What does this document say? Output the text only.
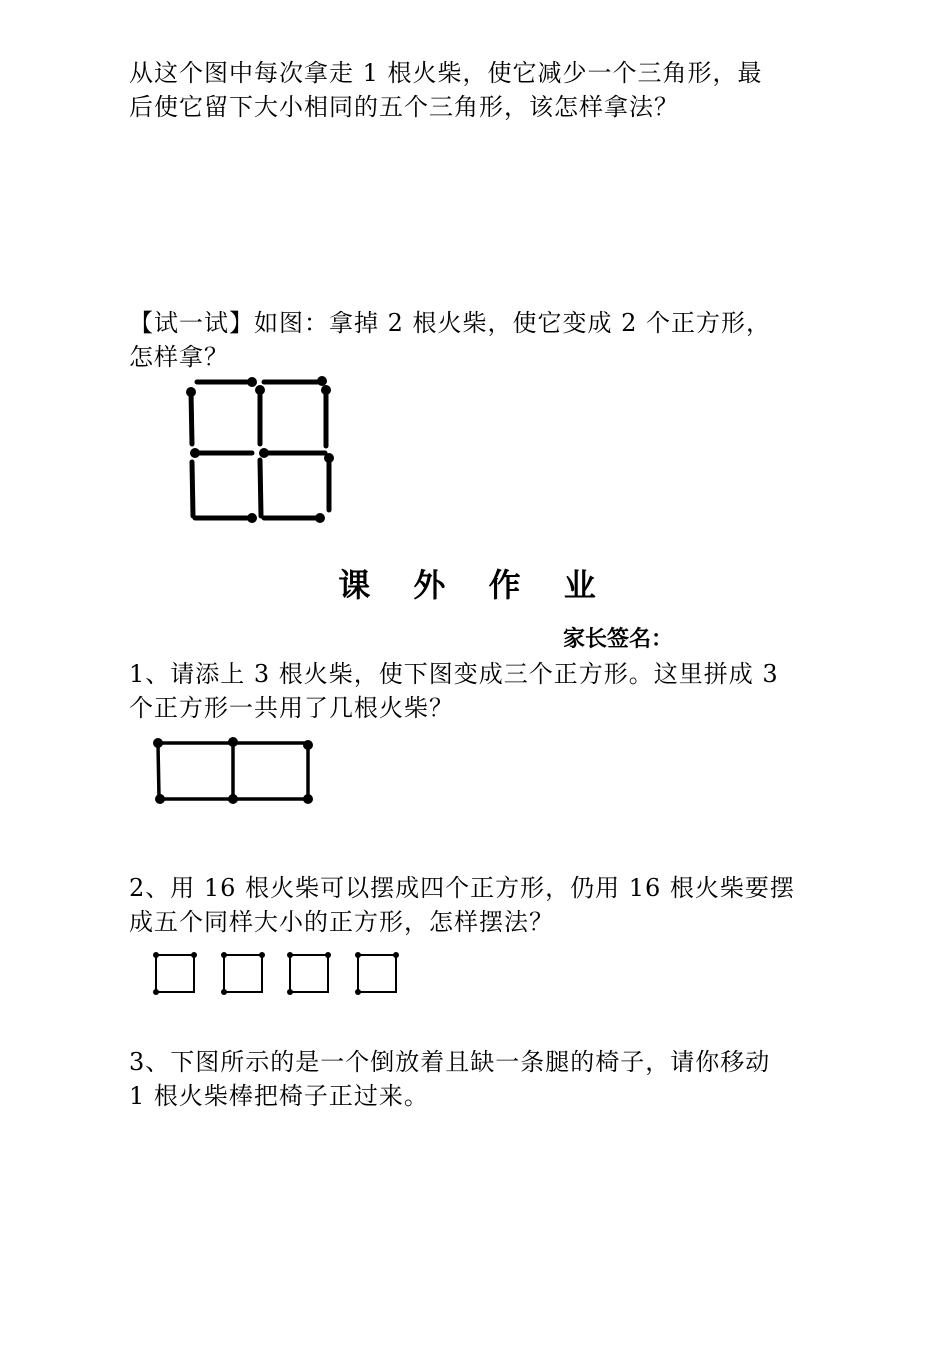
从这个图中每次拿走 1 根火柴，使它减少一个三角形，最
后使它留下大小相同的五个三角形，该怎样拿法？
【试一试】如图：拿掉 2 根火柴，使它变成 2 个正方形，
怎样拿？
课 外 作 业
家长签名：
1、请添上 3 根火柴，使下图变成三个正方形。这里拼成 3
个正方形一共用了几根火柴？
2、用 16 根火柴可以摆成四个正方形，仍用 16 根火柴要摆
成五个同样大小的正方形，怎样摆法？
3、下图所示的是一个倒放着且缺一条腿的椅子，请你移动
1 根火柴棒把椅子正过来。
